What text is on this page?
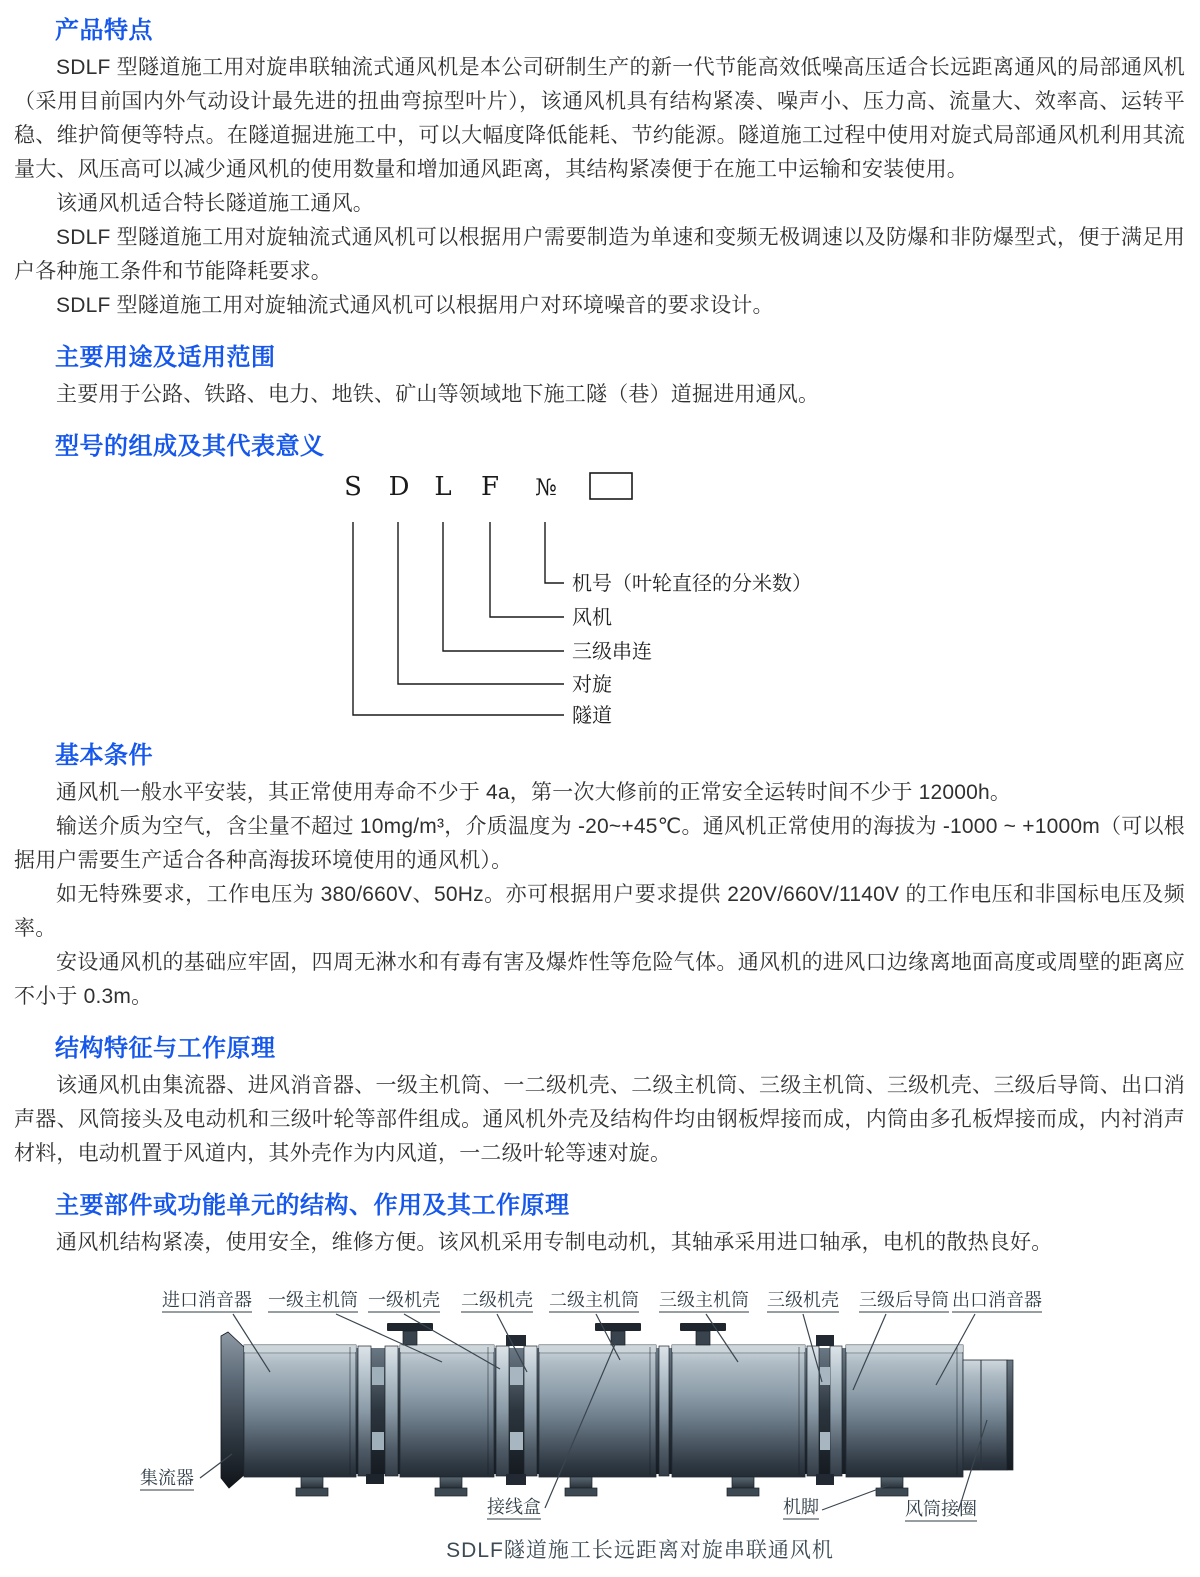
产品特点

SDLF 型隧道施工用对旋串联轴流式通风机是本公司研制生产的新一代节能高效低噪高压适合长远距离通风的局部通风机（采用目前国内外气动设计最先进的扭曲弯掠型叶片），该通风机具有结构紧凑、噪声小、压力高、流量大、效率高、运转平稳、维护简便等特点。在隧道掘进施工中，可以大幅度降低能耗、节约能源。隧道施工过程中使用对旋式局部通风机利用其流量大、风压高可以减少通风机的使用数量和增加通风距离，其结构紧凑便于在施工中运输和安装使用。

该通风机适合特长隧道施工通风。

SDLF 型隧道施工用对旋轴流式通风机可以根据用户需要制造为单速和变频无极调速以及防爆和非防爆型式，便于满足用户各种施工条件和节能降耗要求。

SDLF 型隧道施工用对旋轴流式通风机可以根据用户对环境噪音的要求设计。

主要用途及适用范围

主要用于公路、铁路、电力、地铁、矿山等领域地下施工隧（巷）道掘进用通风。

型号的组成及其代表意义
S D L F №
机号（叶轮直径的分米数）
风机
三级串连
对旋
隧道
基本条件

通风机一般水平安装，其正常使用寿命不少于 4a，第一次大修前的正常安全运转时间不少于 12000h。

输送介质为空气，含尘量不超过 10mg/m³，介质温度为 -20~+45℃。通风机正常使用的海拔为 -1000 ~ +1000m（可以根据用户需要生产适合各种高海拔环境使用的通风机）。

如无特殊要求，工作电压为 380/660V、50Hz。亦可根据用户要求提供 220V/660V/1140V 的工作电压和非国标电压及频率。

安设通风机的基础应牢固，四周无淋水和有毒有害及爆炸性等危险气体。通风机的进风口边缘离地面高度或周壁的距离应不小于 0.3m。

结构特征与工作原理

该通风机由集流器、进风消音器、一级主机筒、一二级机壳、二级主机筒、三级主机筒、三级机壳、三级后导筒、出口消声器、风筒接头及电动机和三级叶轮等部件组成。通风机外壳及结构件均由钢板焊接而成，内筒由多孔板焊接而成，内衬消声材料，电动机置于风道内，其外壳作为内风道，一二级叶轮等速对旋。

主要部件或功能单元的结构、作用及其工作原理

通风机结构紧凑，使用安全，维修方便。该风机采用专制电动机，其轴承采用进口轴承，电机的散热良好。

进口消音器 一级主机筒 一级机壳 二级机壳 二级主机筒 三级主机筒 三级机壳 三级后导筒 出口消音器
集流器
接线盒	机脚	风筒接圈
SDLF隧道施工长远距离对旋串联通风机
